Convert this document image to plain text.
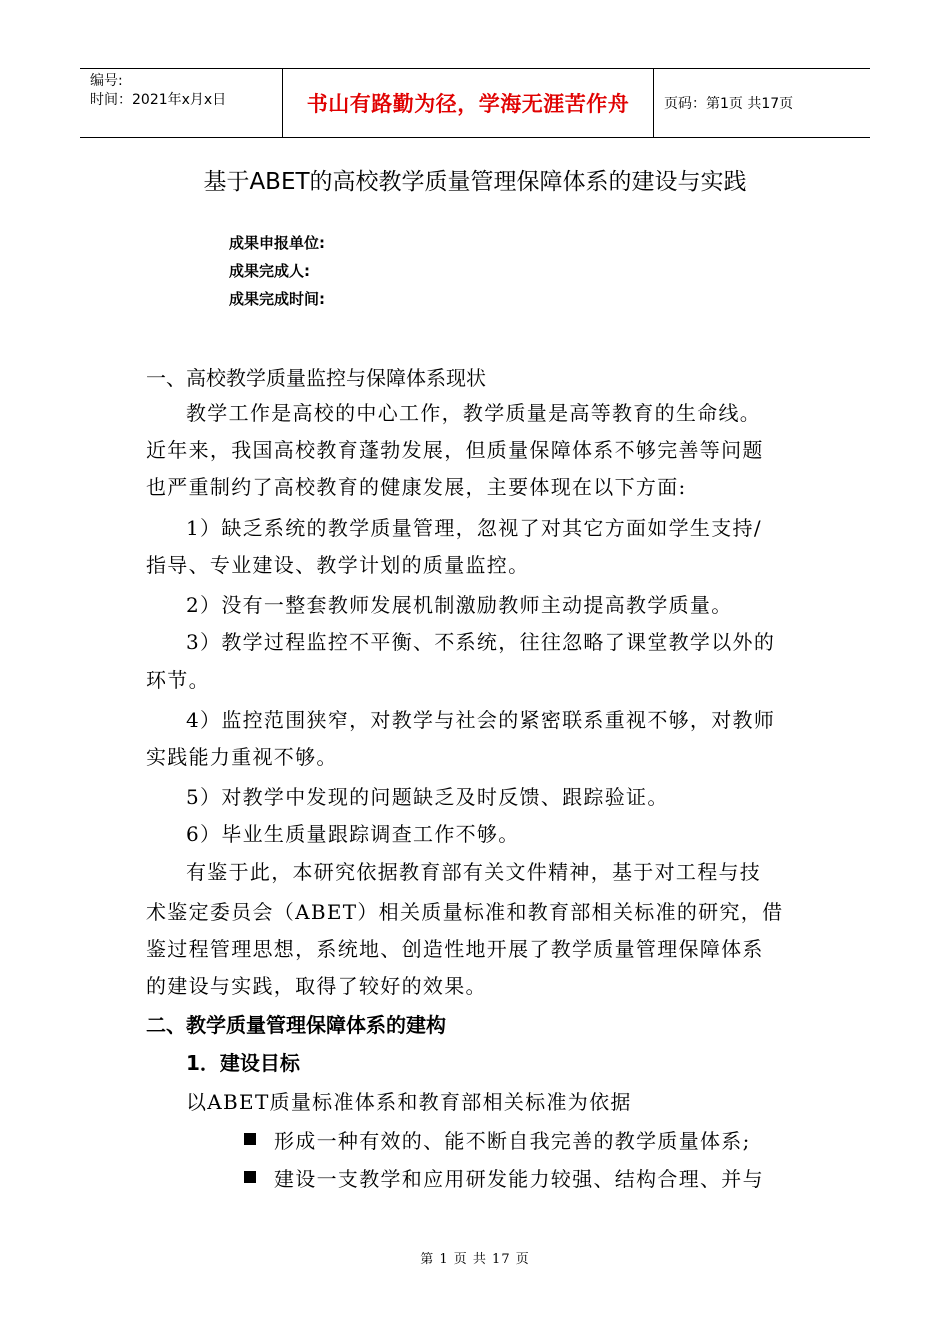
编号:
时间：2021年x月x日	书山有路勤为径，学海无涯苦作舟 页码：第1页 共17页
基于ABET的高校教学质量管理保障体系的建设与实践
成果申报单位:
成果完成人:
成果完成时间:
一、高校教学质量监控与保障体系现状
教学工作是高校的中心工作，教学质量是高等教育的生命线。
近年来，我国高校教育蓬勃发展，但质量保障体系不够完善等问题
也严重制约了高校教育的健康发展，主要体现在以下方面:
1）缺乏系统的教学质量管理，忽视了对其它方面如学生支持/
指导、专业建设、教学计划的质量监控。
2）没有一整套教师发展机制激励教师主动提高教学质量。
3）教学过程监控不平衡、不系统，往往忽略了课堂教学以外的
环节。
4）监控范围狭窄，对教学与社会的紧密联系重视不够，对教师
实践能力重视不够。
5）对教学中发现的问题缺乏及时反馈、跟踪验证。
6）毕业生质量跟踪调查工作不够。
有鉴于此，本研究依据教育部有关文件精神，基于对工程与技
术鉴定委员会（ABET）相关质量标准和教育部相关标准的研究，借
鉴过程管理思想，系统地、创造性地开展了教学质量管理保障体系
的建设与实践，取得了较好的效果。
二、教学质量管理保障体系的建构
1．建设目标
以ABET质量标准体系和教育部相关标准为依据
形成一种有效的、能不断自我完善的教学质量体系;
建设一支教学和应用研发能力较强、结构合理、并与
第 1 页 共 17 页
